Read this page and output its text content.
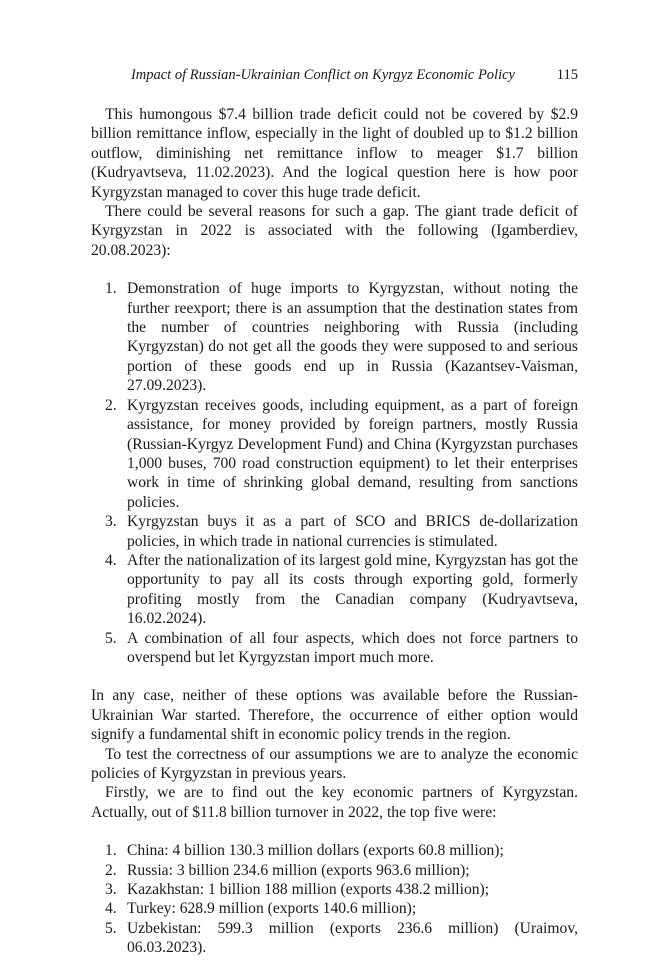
Impact of Russian-Ukrainian Conflict on Kyrgyz Economic Policy	115

This humongous $7.4 billion trade deficit could not be covered by $2.9 billion remittance inflow, especially in the light of doubled up to $1.2 billion outflow, diminishing net remittance inflow to meager $1.7 billion (Kudryavtseva, 11.02.2023). And the logical question here is how poor Kyrgyzstan managed to cover this huge trade deficit.

There could be several reasons for such a gap. The giant trade deficit of Kyrgyzstan in 2022 is associated with the following (Igamberdiev, 20.08.2023):

1. Demonstration of huge imports to Kyrgyzstan, without noting the further reexport; there is an assumption that the destination states from the number of countries neighboring with Russia (including Kyrgyzstan) do not get all the goods they were supposed to and serious portion of these goods end up in Russia (Kazantsev-Vaisman, 27.09.2023).
2. Kyrgyzstan receives goods, including equipment, as a part of foreign assistance, for money provided by foreign partners, mostly Russia (Russian-Kyrgyz Development Fund) and China (Kyrgyzstan purchases 1,000 buses, 700 road construction equipment) to let their enterprises work in time of shrinking global demand, resulting from sanctions policies.
3. Kyrgyzstan buys it as a part of SCO and BRICS de-dollarization policies, in which trade in national currencies is stimulated.
4. After the nationalization of its largest gold mine, Kyrgyzstan has got the opportunity to pay all its costs through exporting gold, formerly profiting mostly from the Canadian company (Kudryavtseva, 16.02.2024).
5. A combination of all four aspects, which does not force partners to overspend but let Kyrgyzstan import much more.

In any case, neither of these options was available before the Russian-Ukrainian War started. Therefore, the occurrence of either option would signify a fundamental shift in economic policy trends in the region.

To test the correctness of our assumptions we are to analyze the economic policies of Kyrgyzstan in previous years.

Firstly, we are to find out the key economic partners of Kyrgyzstan. Actually, out of $11.8 billion turnover in 2022, the top five were:

1. China: 4 billion 130.3 million dollars (exports 60.8 million);
2. Russia: 3 billion 234.6 million (exports 963.6 million);
3. Kazakhstan: 1 billion 188 million (exports 438.2 million);
4. Turkey: 628.9 million (exports 140.6 million);
5. Uzbekistan: 599.3 million (exports 236.6 million) (Uraimov, 06.03.2023).
